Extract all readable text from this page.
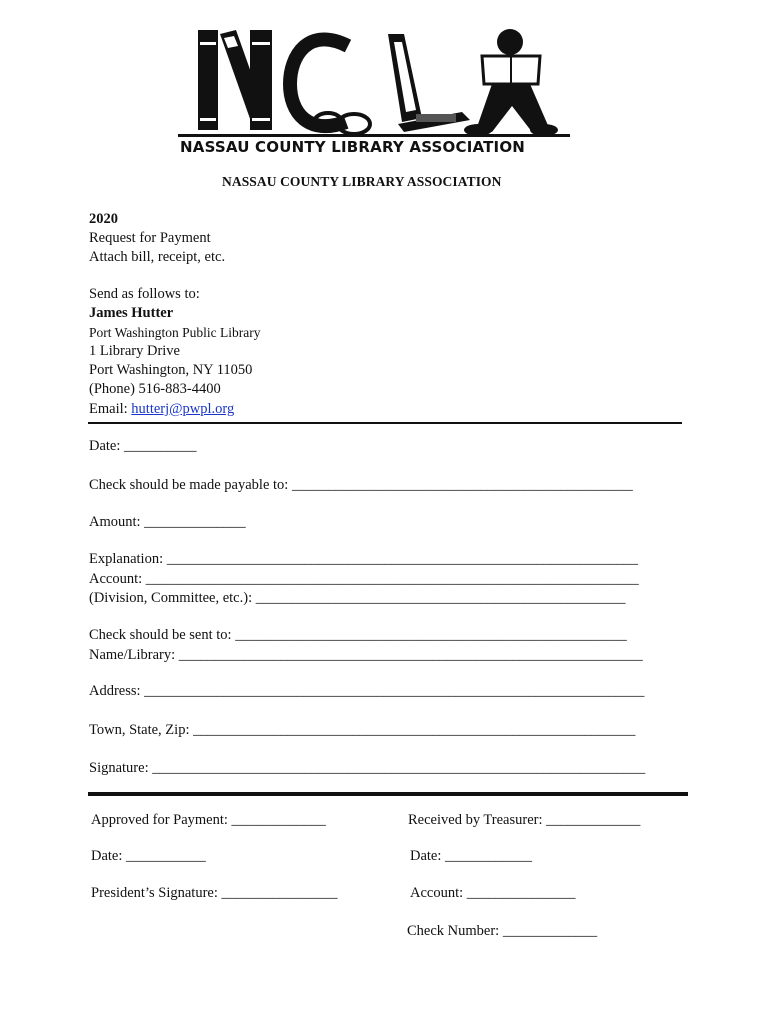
NASSAU COUNTY LIBRARY ASSOCIATION
NASSAU COUNTY LIBRARY ASSOCIATION
2020
Request for Payment
Attach bill, receipt, etc.
Send as follows to:
James Hutter
Port Washington Public Library
1 Library Drive
Port Washington, NY 11050
(Phone) 516-883-4400
Email: hutterj@pwpl.org
Date: __________
Check should be made payable to: _______________________________________________
Amount: ______________
Explanation: _________________________________________________________________
Account: ____________________________________________________________________
(Division, Committee, etc.): ___________________________________________________
Check should be sent to: ______________________________________________________
Name/Library: ________________________________________________________________
Address: _____________________________________________________________________
Town, State, Zip: _____________________________________________________________
Signature: ____________________________________________________________________
Approved for Payment: _____________	Received by Treasurer: _____________
Date: ___________	Date: ____________
President’s Signature: ________________	Account: _______________
Check Number: _____________
